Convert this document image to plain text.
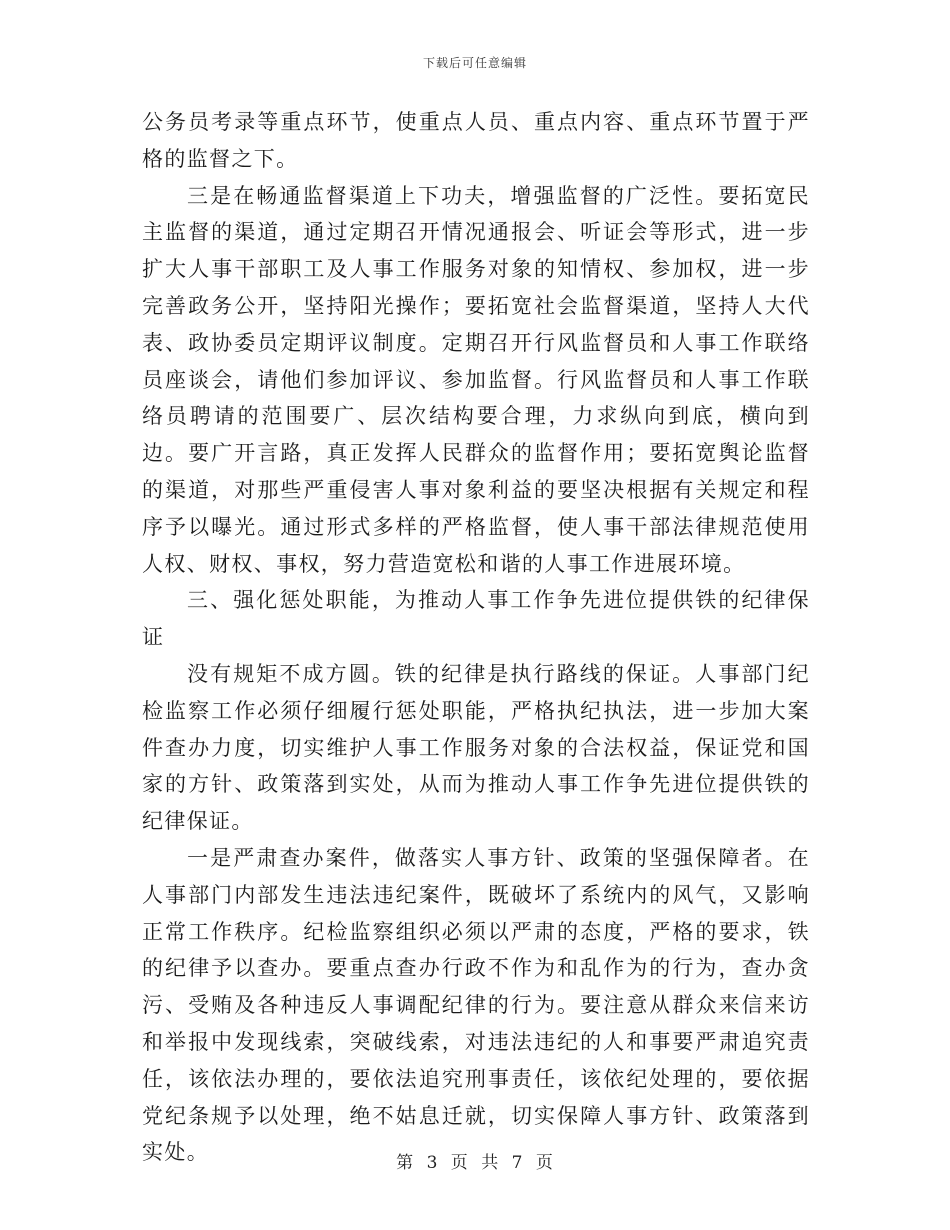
下载后可任意编辑

公务员考录等重点环节，使重点人员、重点内容、重点环节置于严格的监督之下。

三是在畅通监督渠道上下功夫，增强监督的广泛性。要拓宽民主监督的渠道，通过定期召开情况通报会、听证会等形式，进一步扩大人事干部职工及人事工作服务对象的知情权、参加权，进一步完善政务公开，坚持阳光操作；要拓宽社会监督渠道，坚持人大代表、政协委员定期评议制度。定期召开行风监督员和人事工作联络员座谈会，请他们参加评议、参加监督。行风监督员和人事工作联络员聘请的范围要广、层次结构要合理，力求纵向到底，横向到边。要广开言路，真正发挥人民群众的监督作用；要拓宽舆论监督的渠道，对那些严重侵害人事对象利益的要坚决根据有关规定和程序予以曝光。通过形式多样的严格监督，使人事干部法律规范使用人权、财权、事权，努力营造宽松和谐的人事工作进展环境。

三、强化惩处职能，为推动人事工作争先进位提供铁的纪律保证

没有规矩不成方圆。铁的纪律是执行路线的保证。人事部门纪检监察工作必须仔细履行惩处职能，严格执纪执法，进一步加大案件查办力度，切实维护人事工作服务对象的合法权益，保证党和国家的方针、政策落到实处，从而为推动人事工作争先进位提供铁的纪律保证。

一是严肃查办案件，做落实人事方针、政策的坚强保障者。在人事部门内部发生违法违纪案件，既破坏了系统内的风气，又影响正常工作秩序。纪检监察组织必须以严肃的态度，严格的要求，铁的纪律予以查办。要重点查办行政不作为和乱作为的行为，查办贪污、受贿及各种违反人事调配纪律的行为。要注意从群众来信来访和举报中发现线索，突破线索，对违法违纪的人和事要严肃追究责任，该依法办理的，要依法追究刑事责任，该依纪处理的，要依据党纪条规予以处理，绝不姑息迁就，切实保障人事方针、政策落到实处。	第 3 页 共 7 页
